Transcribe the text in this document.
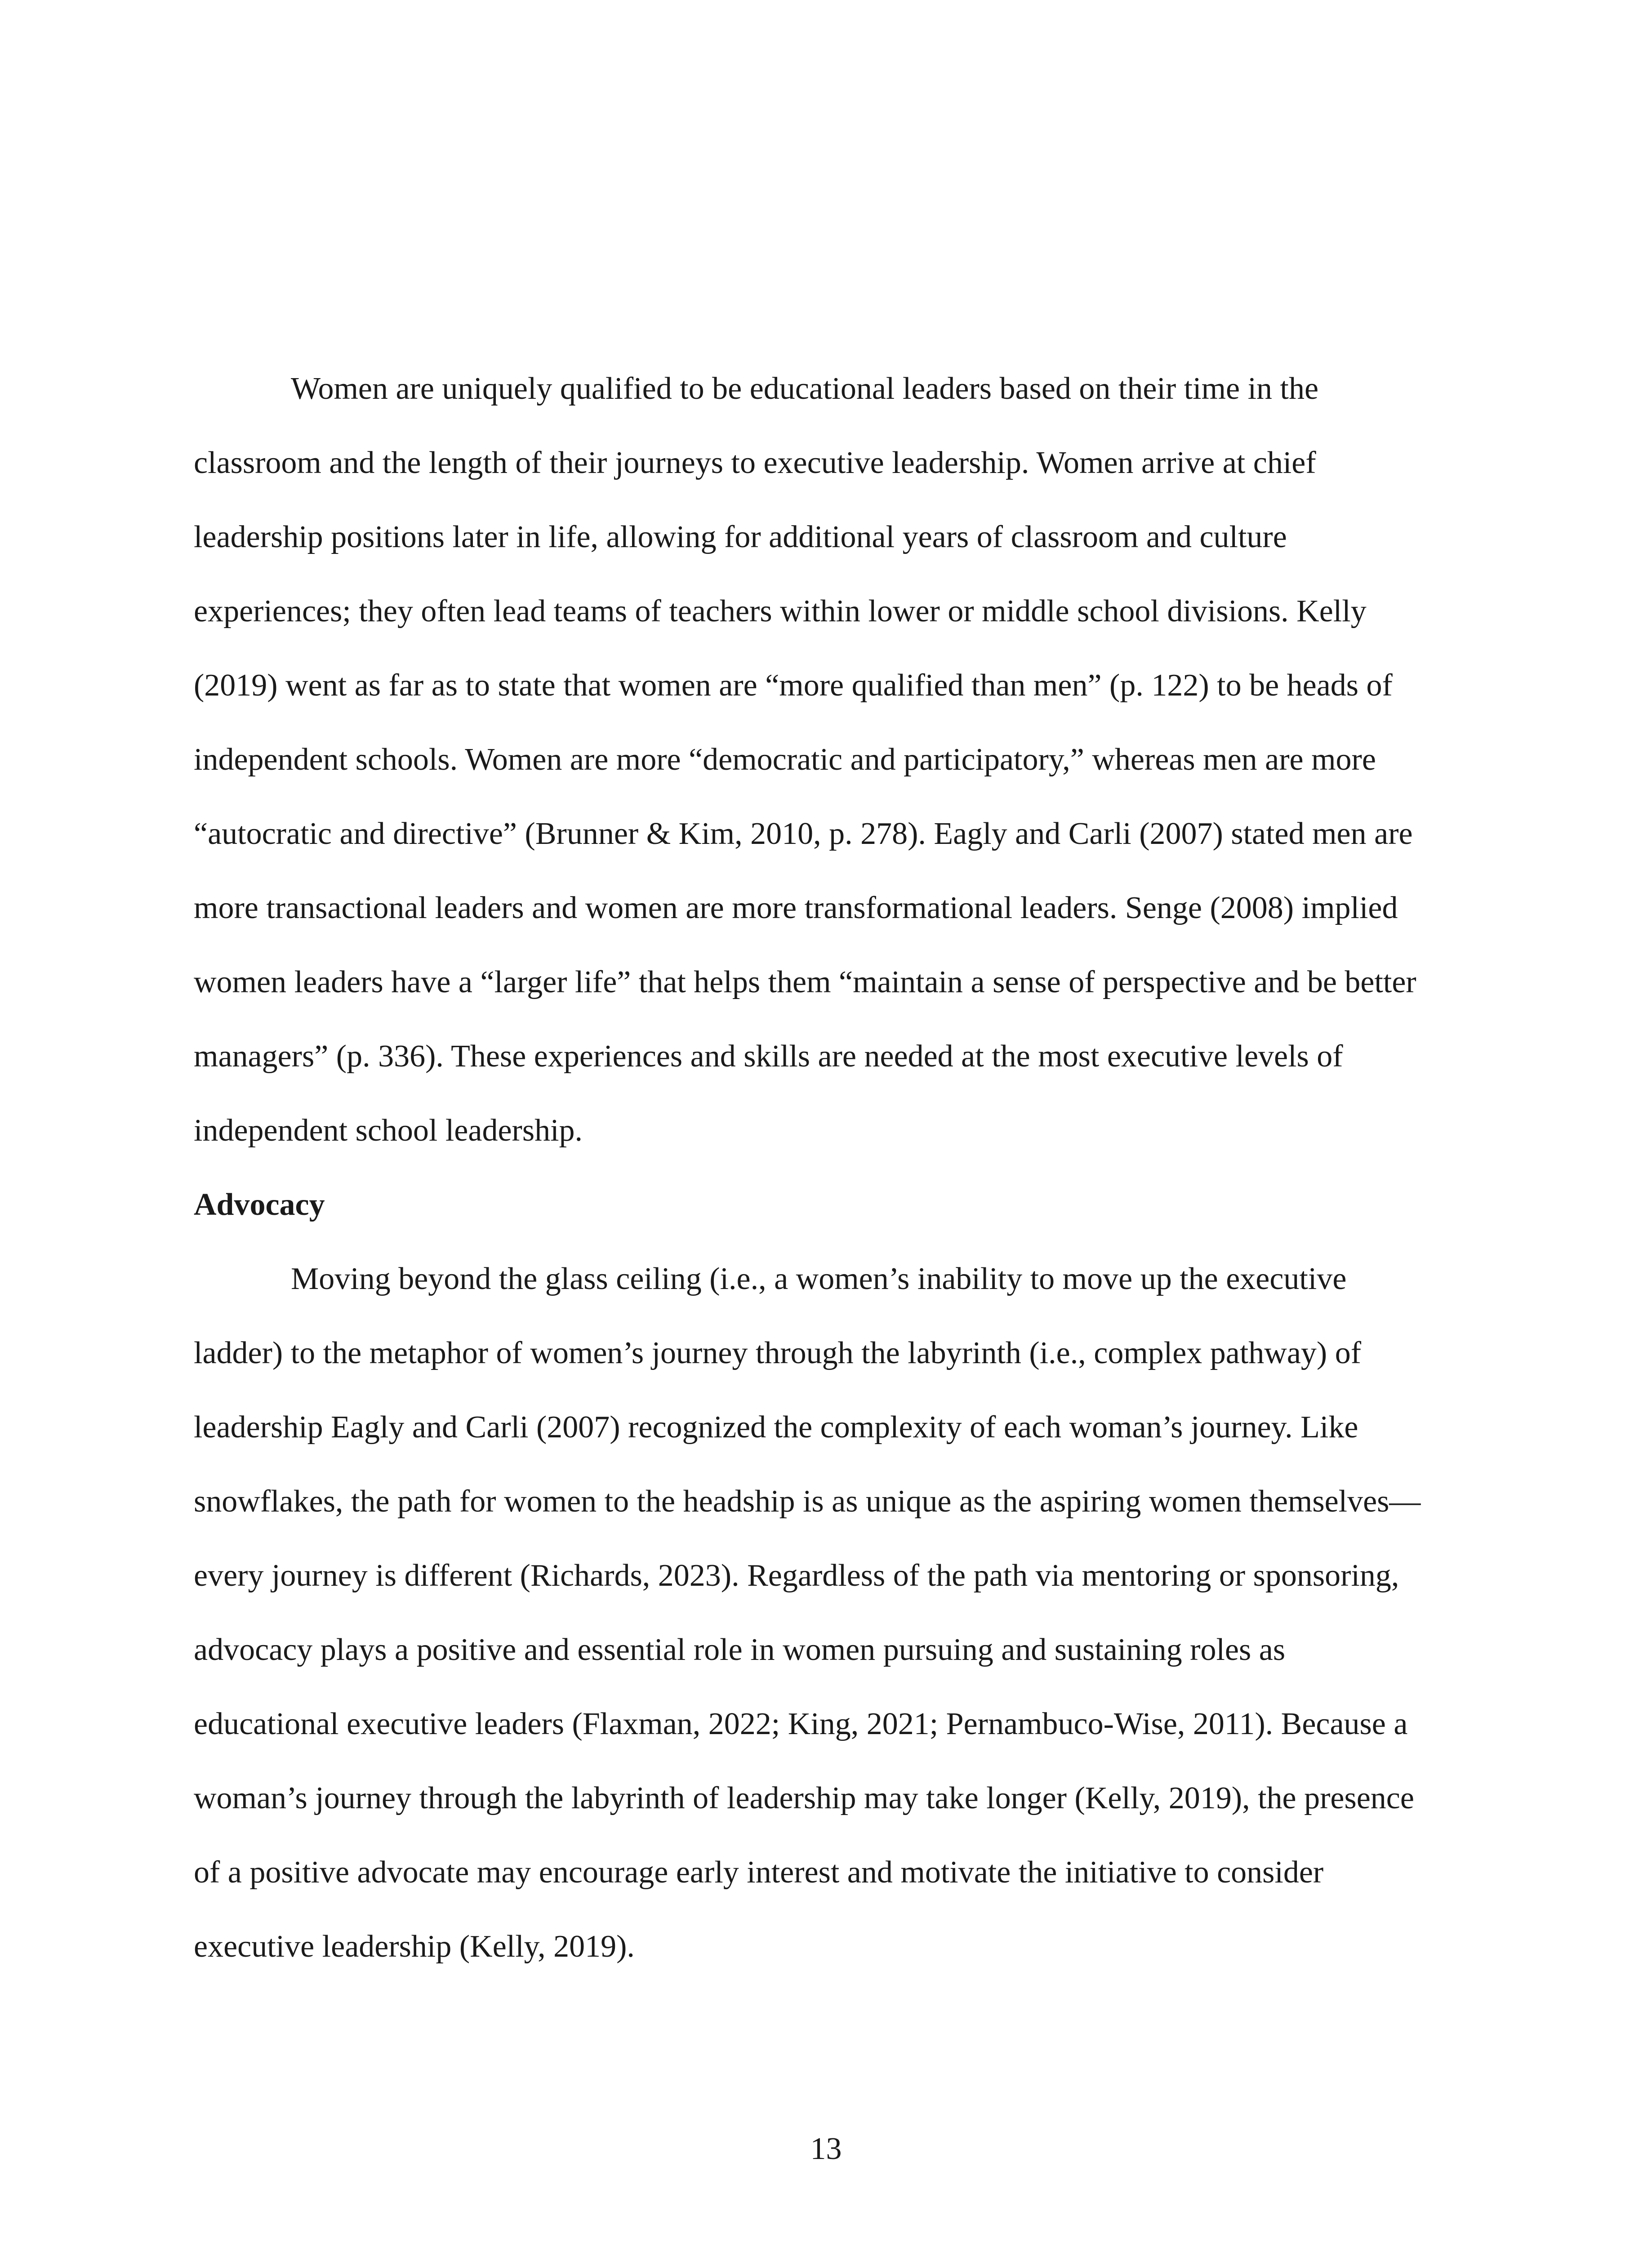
Women are uniquely qualified to be educational leaders based on their time in the
classroom and the length of their journeys to executive leadership. Women arrive at chief
leadership positions later in life, allowing for additional years of classroom and culture
experiences; they often lead teams of teachers within lower or middle school divisions. Kelly
(2019) went as far as to state that women are “more qualified than men” (p. 122) to be heads of
independent schools. Women are more “democratic and participatory,” whereas men are more
“autocratic and directive” (Brunner & Kim, 2010, p. 278). Eagly and Carli (2007) stated men are
more transactional leaders and women are more transformational leaders. Senge (2008) implied
women leaders have a “larger life” that helps them “maintain a sense of perspective and be better
managers” (p. 336). These experiences and skills are needed at the most executive levels of
independent school leadership.
Advocacy
Moving beyond the glass ceiling (i.e., a women’s inability to move up the executive
ladder) to the metaphor of women’s journey through the labyrinth (i.e., complex pathway) of
leadership Eagly and Carli (2007) recognized the complexity of each woman’s journey. Like
snowflakes, the path for women to the headship is as unique as the aspiring women themselves—
every journey is different (Richards, 2023). Regardless of the path via mentoring or sponsoring,
advocacy plays a positive and essential role in women pursuing and sustaining roles as
educational executive leaders (Flaxman, 2022; King, 2021; Pernambuco-Wise, 2011). Because a
woman’s journey through the labyrinth of leadership may take longer (Kelly, 2019), the presence
of a positive advocate may encourage early interest and motivate the initiative to consider
executive leadership (Kelly, 2019).
13
